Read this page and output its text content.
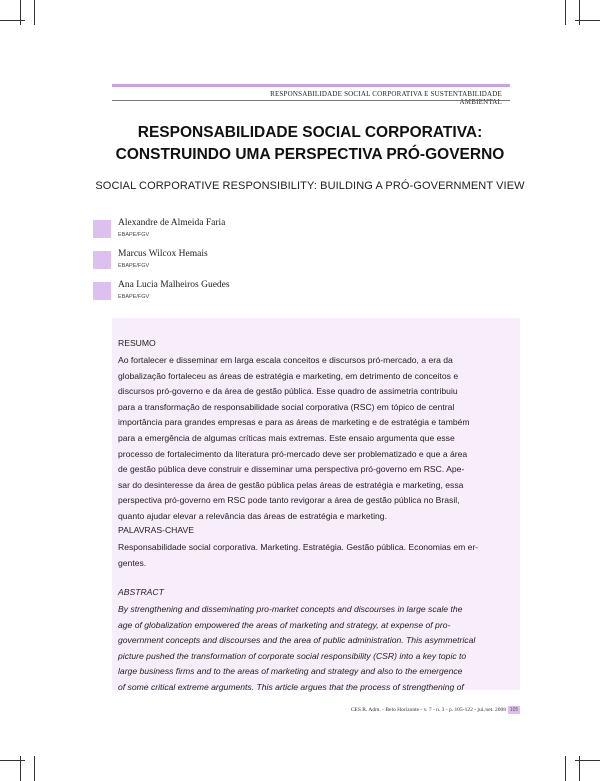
RESPONSABILIDADE SOCIAL CORPORATIVA E SUSTENTABILIDADE AMBIENTAL
RESPONSABILIDADE SOCIAL CORPORATIVA:
CONSTRUINDO UMA PERSPECTIVA PRÓ-GOVERNO
SOCIAL CORPORATIVE RESPONSIBILITY: BUILDING A PRÓ-GOVERNMENT VIEW
Alexandre de Almeida Faria
EBAPE/FGV
Marcus Wilcox Hemais
EBAPE/FGV
Ana Lucia Malheiros Guedes
EBAPE/FGV
RESUMO
Ao fortalecer e disseminar em larga escala conceitos e discursos pró-mercado, a era da
globalização fortaleceu as áreas de estratégia e marketing, em detrimento de conceitos e
discursos pró-governo e da área de gestão pública. Esse quadro de assimetria contribuiu
para a transformação de responsabilidade social corporativa (RSC) em tópico de central
importância para grandes empresas e para as áreas de marketing e de estratégia e também
para a emergência de algumas críticas mais extremas. Este ensaio argumenta que esse
processo de fortalecimento da literatura pró-mercado deve ser problematizado e que a área
de gestão pública deve construir e disseminar uma perspectiva pró-governo em RSC. Ape-
sar do desinteresse da área de gestão pública pelas áreas de estratégia e marketing, essa
perspectiva pró-governo em RSC pode tanto revigorar a área de gestão pública no Brasil,
quanto ajudar elevar a relevância das áreas de estratégia e marketing.
PALAVRAS-CHAVE
Responsabilidade social corporativa. Marketing. Estratégia. Gestão pública. Economias em er-
gentes.
ABSTRACT
By strengthening and disseminating pro-market concepts and discourses in large scale the
age of globalization empowered the areas of marketing and strategy, at expense of pro-
government concepts and discourses and the area of public administration. This asymmetrical
picture pushed the transformation of corporate social responsibility (CSR) into a key topic to
large business firms and to the areas of marketing and strategy and also to the emergence
of some critical extreme arguments. This article argues that the process of strengthening of
CES R. Adm. - Belo Horizonte - v. 7 - n. 3 - p. 105-122 - jul./set. 2008 105
